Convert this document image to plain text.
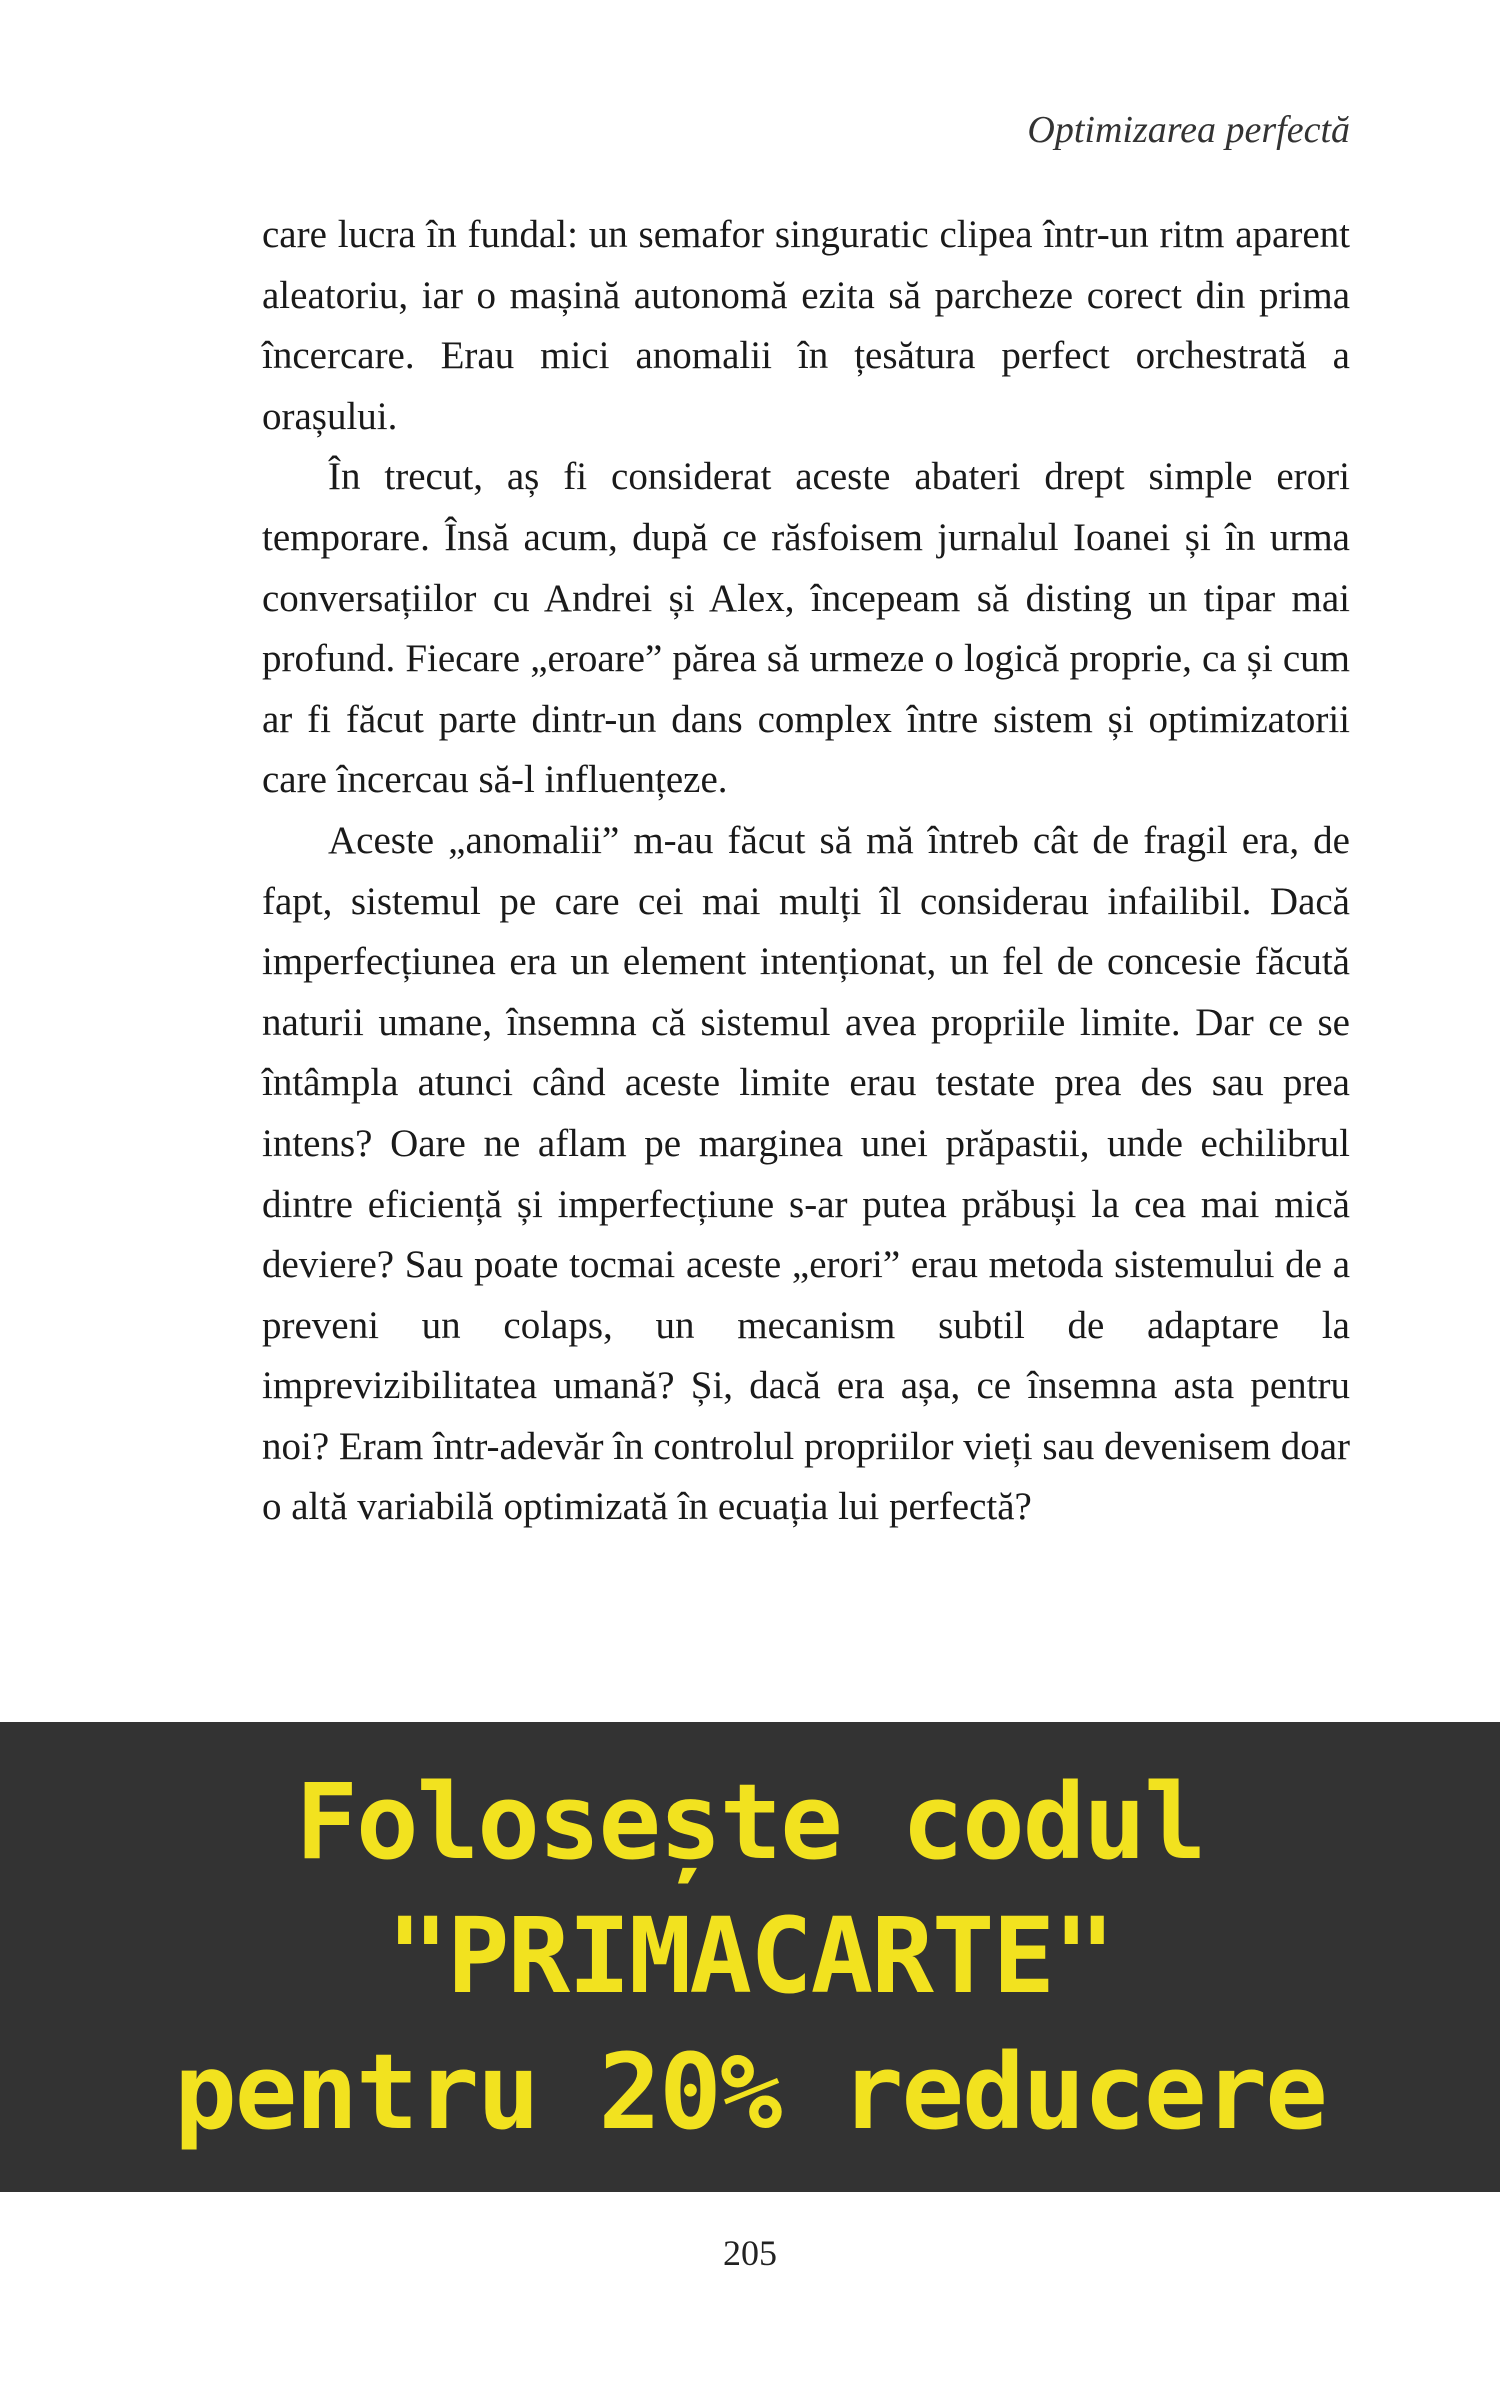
Optimizarea perfectă

care lucra în fundal: un semafor singuratic clipea într-un ritm aparent aleatoriu, iar o mașină autonomă ezita să parcheze corect din prima încercare. Erau mici anomalii în țesătura perfect orchestrată a orașului.

În trecut, aș fi considerat aceste abateri drept simple erori temporare. Însă acum, după ce răsfoisem jurnalul Ioanei și în urma conversațiilor cu Andrei și Alex, începeam să disting un tipar mai profund. Fiecare „eroare” părea să urmeze o logică proprie, ca și cum ar fi făcut parte dintr-un dans complex între sistem și optimizatorii care încercau să-l influențeze.

Aceste „anomalii” m-au făcut să mă întreb cât de fragil era, de fapt, sistemul pe care cei mai mulți îl considerau infailibil. Dacă imperfecțiunea era un element intenționat, un fel de concesie făcută naturii umane, însemna că sistemul avea propriile limite. Dar ce se întâmpla atunci când aceste limite erau testate prea des sau prea intens? Oare ne aflam pe marginea unei prăpastii, unde echilibrul dintre eficiență și imperfecțiune s-ar putea prăbuși la cea mai mică deviere? Sau poate tocmai aceste „erori” erau metoda sistemului de a preveni un colaps, un mecanism subtil de adaptare la imprevizibilitatea umană? Și, dacă era așa, ce însemna asta pentru noi? Eram într-adevăr în controlul propriilor vieți sau devenisem doar o altă variabilă optimizată în ecuația lui perfectă?

Folosește codul
"PRIMACARTE"
pentru 20% reducere
205
